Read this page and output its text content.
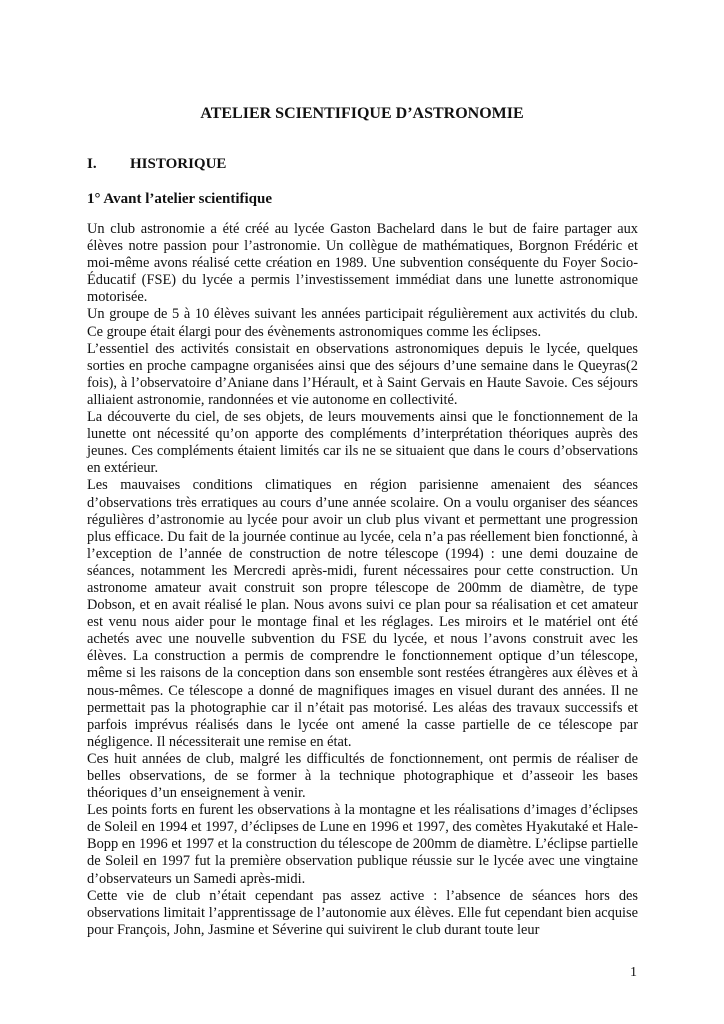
ATELIER SCIENTIFIQUE D’ASTRONOMIE
I. HISTORIQUE
1° Avant l’atelier scientifique

Un club astronomie a été créé au lycée Gaston Bachelard dans le but de faire partager aux élèves notre passion pour l’astronomie. Un collègue de mathématiques, Borgnon Frédéric et moi-même avons réalisé cette création en 1989. Une subvention conséquente du Foyer Socio-Éducatif (FSE) du lycée a permis l’investissement immédiat dans une lunette astronomique motorisée.

Un groupe de 5 à 10 élèves suivant les années participait régulièrement aux activités du club. Ce groupe était élargi pour des évènements astronomiques comme les éclipses.

L’essentiel des activités consistait en observations astronomiques depuis le lycée, quelques sorties en proche campagne organisées ainsi que des séjours d’une semaine dans le Queyras(2 fois), à l’observatoire d’Aniane dans l’Hérault, et à Saint Gervais en Haute Savoie. Ces séjours alliaient astronomie, randonnées et vie autonome en collectivité.

La découverte du ciel, de ses objets, de leurs mouvements ainsi que le fonctionnement de la lunette ont nécessité qu’on apporte des compléments d’interprétation théoriques auprès des jeunes. Ces compléments étaient limités car ils ne se situaient que dans le cours d’observations en extérieur.

Les mauvaises conditions climatiques en région parisienne amenaient des séances d’observations très erratiques au cours d’une année scolaire. On a voulu organiser des séances régulières d’astronomie au lycée pour avoir un club plus vivant et permettant une progression plus efficace. Du fait de la journée continue au lycée, cela n’a pas réellement bien fonctionné, à l’exception de l’année de construction de notre télescope (1994) : une demi douzaine de séances, notamment les Mercredi après-midi, furent nécessaires pour cette construction. Un astronome amateur avait construit son propre télescope de 200mm de diamètre, de type Dobson, et en avait réalisé le plan. Nous avons suivi ce plan pour sa réalisation et cet amateur est venu nous aider pour le montage final et les réglages. Les miroirs et le matériel ont été achetés avec une nouvelle subvention du FSE du lycée, et nous l’avons construit avec les élèves. La construction a permis de comprendre le fonctionnement optique d’un télescope, même si les raisons de la conception dans son ensemble sont restées étrangères aux élèves et à nous-mêmes. Ce télescope a donné de magnifiques images en visuel durant des années. Il ne permettait pas la photographie car il n’était pas motorisé. Les aléas des travaux successifs et parfois imprévus réalisés dans le lycée ont amené la casse partielle de ce télescope par négligence. Il nécessiterait une remise en état.

Ces huit années de club, malgré les difficultés de fonctionnement, ont permis de réaliser de belles observations, de se former à la technique photographique et d’asseoir les bases théoriques d’un enseignement à venir.

Les points forts en furent les observations à la montagne et les réalisations d’images d’éclipses de Soleil en 1994 et 1997, d’éclipses de Lune en 1996 et 1997, des comètes Hyakutaké et Hale-Bopp en 1996 et 1997 et la construction du télescope de 200mm de diamètre. L’éclipse partielle de Soleil en 1997 fut la première observation publique réussie sur le lycée avec une vingtaine d’observateurs un Samedi après-midi.

Cette vie de club n’était cependant pas assez active : l’absence de séances hors des observations limitait l’apprentissage de l’autonomie aux élèves. Elle fut cependant bien acquise pour François, John, Jasmine et Séverine qui suivirent le club durant toute leur

1
